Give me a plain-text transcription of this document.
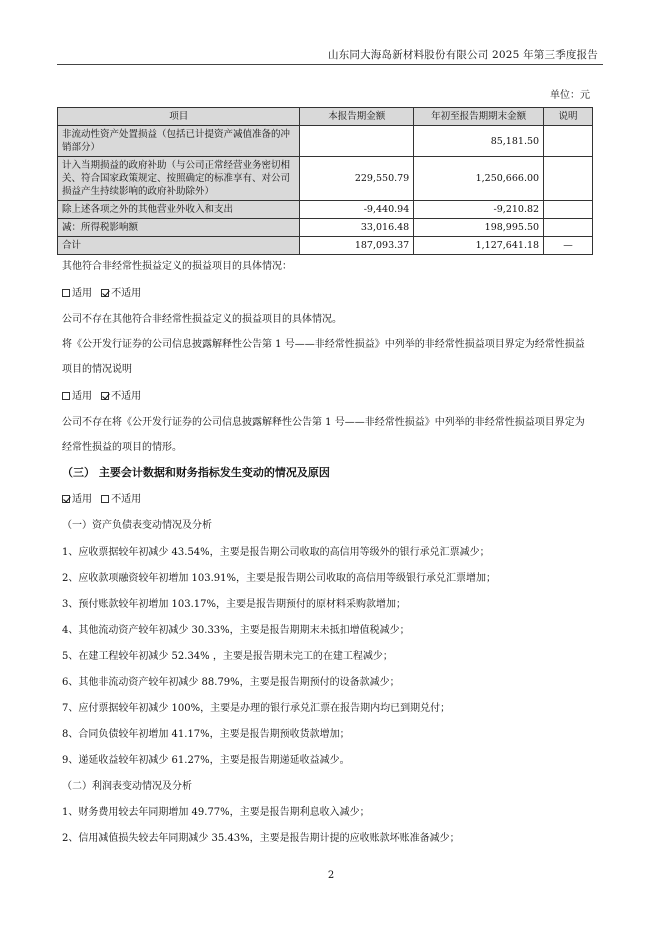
山东同大海岛新材料股份有限公司 2025 年第三季度报告
单位：元
项目	本报告期金额	年初至报告期期末金额	说明
非流动性资产处置损益（包括已计提资产减值准备的冲销部分）		85,181.50	
计入当期损益的政府补助（与公司正常经营业务密切相关、符合国家政策规定、按照确定的标准享有、对公司损益产生持续影响的政府补助除外）	229,550.79	1,250,666.00	
除上述各项之外的其他营业外收入和支出	-9,440.94	-9,210.82	
减：所得税影响额	33,016.48	198,995.50	
合计	187,093.37	1,127,641.18	—
其他符合非经常性损益定义的损益项目的具体情况：
适用 不适用
公司不存在其他符合非经常性损益定义的损益项目的具体情况。
将《公开发行证券的公司信息披露解释性公告第 1 号——非经常性损益》中列举的非经常性损益项目界定为经常性损益
项目的情况说明
适用 不适用
公司不存在将《公开发行证券的公司信息披露解释性公告第 1 号——非经常性损益》中列举的非经常性损益项目界定为
经常性损益的项目的情形。
（三） 主要会计数据和财务指标发生变动的情况及原因
适用 不适用
（一）资产负债表变动情况及分析
1、应收票据较年初减少 43.54%，主要是报告期公司收取的高信用等级外的银行承兑汇票减少；
2、应收款项融资较年初增加 103.91%，主要是报告期公司收取的高信用等级银行承兑汇票增加；
3、预付账款较年初增加 103.17%，主要是报告期预付的原材料采购款增加；
4、其他流动资产较年初减少 30.33%，主要是报告期期末未抵扣增值税减少；
5、在建工程较年初减少 52.34% ，主要是报告期未完工的在建工程减少；
6、其他非流动资产较年初减少 88.79%，主要是报告期预付的设备款减少；
7、应付票据较年初减少 100%，主要是办理的银行承兑汇票在报告期内均已到期兑付；
8、合同负债较年初增加 41.17%，主要是报告期预收货款增加；
9、递延收益较年初减少 61.27%，主要是报告期递延收益减少。
（二）利润表变动情况及分析
1、财务费用较去年同期增加 49.77%，主要是报告期利息收入减少；
2、信用减值损失较去年同期减少 35.43%，主要是报告期计提的应收账款坏账准备减少；
2
